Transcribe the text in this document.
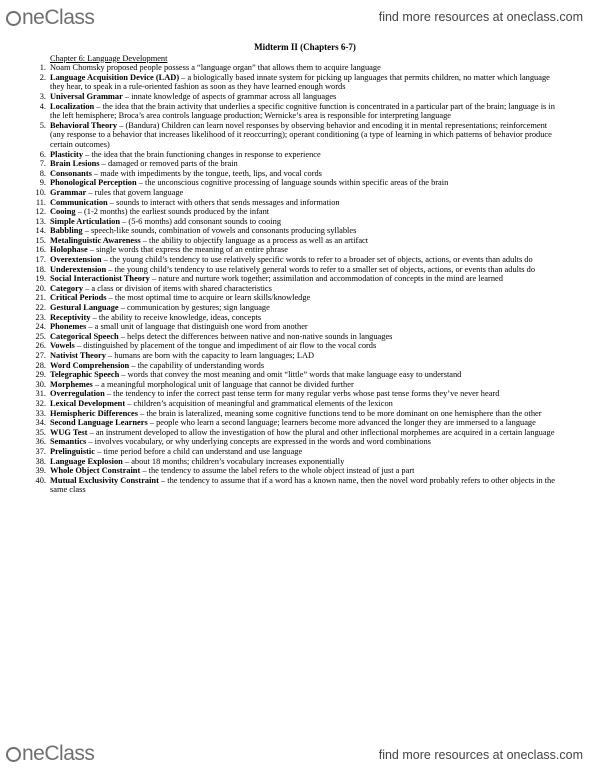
neClass	find more resources at oneclass.com
Midterm II (Chapters 6-7)
Chapter 6: Language Development
1. Noam Chomsky proposed people possess a “language organ” that allows them to acquire language
2. Language Acquisition Device (LAD) – a biologically based innate system for picking up languages that permits children, no matter which language they hear, to speak in a rule-oriented fashion as soon as they have learned enough words
3. Universal Grammar – innate knowledge of aspects of grammar across all languages
4. Localization – the idea that the brain activity that underlies a specific cognitive function is concentrated in a particular part of the brain; language is in the left hemisphere; Broca’s area controls language production; Wernicke’s area is responsible for interpreting language
5. Behavioral Theory – (Bandura) Children can learn novel responses by observing behavior and encoding it in mental representations; reinforcement (any response to a behavior that increases likelihood of it reoccurring); operant conditioning (a type of learning in which patterns of behavior produce certain outcomes)
6. Plasticity – the idea that the brain functioning changes in response to experience
7. Brain Lesions – damaged or removed parts of the brain
8. Consonants – made with impediments by the tongue, teeth, lips, and vocal cords
9. Phonological Perception – the unconscious cognitive processing of language sounds within specific areas of the brain
10. Grammar – rules that govern language
11. Communication – sounds to interact with others that sends messages and information
12. Cooing – (1-2 months) the earliest sounds produced by the infant
13. Simple Articulation – (5-6 months) add consonant sounds to cooing
14. Babbling – speech-like sounds, combination of vowels and consonants producing syllables
15. Metalinguistic Awareness – the ability to objectify language as a process as well as an artifact
16. Holophase – single words that express the meaning of an entire phrase
17. Overextension – the young child’s tendency to use relatively specific words to refer to a broader set of objects, actions, or events than adults do
18. Underextension – the young child’s tendency to use relatively general words to refer to a smaller set of objects, actions, or events than adults do
19. Social Interactionist Theory – nature and nurture work together; assimilation and accommodation of concepts in the mind are learned
20. Category – a class or division of items with shared characteristics
21. Critical Periods – the most optimal time to acquire or learn skills/knowledge
22. Gestural Language – communication by gestures; sign language
23. Receptivity – the ability to receive knowledge, ideas, concepts
24. Phonemes – a small unit of language that distinguish one word from another
25. Categorical Speech – helps detect the differences between native and non-native sounds in languages
26. Vowels – distinguished by placement of the tongue and impediment of air flow to the vocal cords
27. Nativist Theory – humans are born with the capacity to learn languages; LAD
28. Word Comprehension – the capability of understanding words
29. Telegraphic Speech – words that convey the most meaning and omit “little” words that make language easy to understand
30. Morphemes – a meaningful morphological unit of language that cannot be divided further
31. Overregulation – the tendency to infer the correct past tense term for many regular verbs whose past tense forms they’ve never heard
32. Lexical Development – children’s acquisition of meaningful and grammatical elements of the lexicon
33. Hemispheric Differences – the brain is lateralized, meaning some cognitive functions tend to be more dominant on one hemisphere than the other
34. Second Language Learners – people who learn a second language; learners become more advanced the longer they are immersed to a language
35. WUG Test – an instrument developed to allow the investigation of how the plural and other inflectional morphemes are acquired in a certain language
36. Semantics – involves vocabulary, or why underlying concepts are expressed in the words and word combinations
37. Prelinguistic – time period before a child can understand and use language
38. Language Explosion – about 18 months; children’s vocabulary increases exponentially
39. Whole Object Constraint – the tendency to assume the label refers to the whole object instead of just a part
40. Mutual Exclusivity Constraint – the tendency to assume that if a word has a known name, then the novel word probably refers to other objects in the same class
neClass	find more resources at oneclass.com
